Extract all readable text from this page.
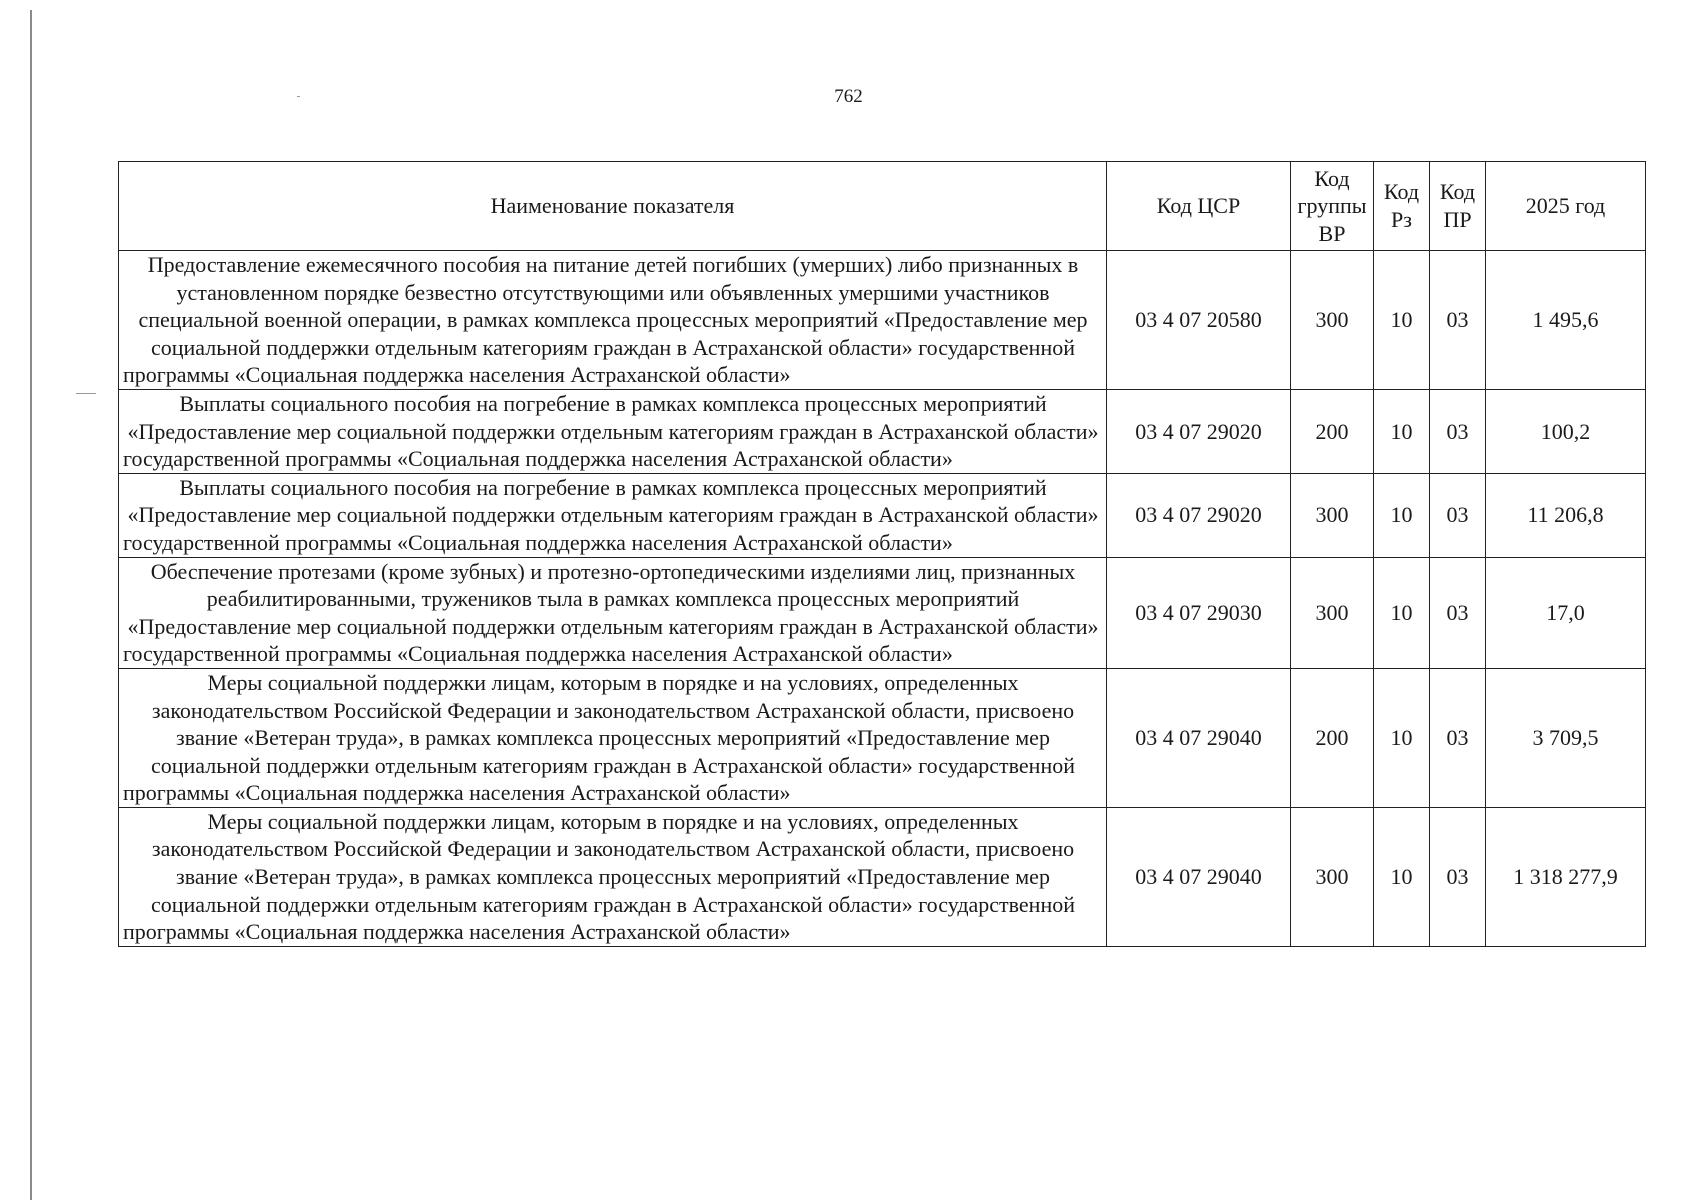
762
Наименование показателя	Код ЦСР	Код группы ВР	Код Рз	Код ПР	2025 год
Предоставление ежемесячного пособия на питание детей погибших (умерших) либо признанных в установленном порядке безвестно отсутствующими или объявленных умершими участников специальной военной операции, в рамках комплекса процессных мероприятий «Предоставление мер социальной поддержки отдельным категориям граждан в Астраханской области» государственной программы «Социальная поддержка населения Астраханской области»	03 4 07 20580	300	10	03	1 495,6
Выплаты социального пособия на погребение в рамках комплекса процессных мероприятий «Предоставление мер социальной поддержки отдельным категориям граждан в Астраханской области» государственной программы «Социальная поддержка населения Астраханской области»	03 4 07 29020	200	10	03	100,2
Выплаты социального пособия на погребение в рамках комплекса процессных мероприятий «Предоставление мер социальной поддержки отдельным категориям граждан в Астраханской области» государственной программы «Социальная поддержка населения Астраханской области»	03 4 07 29020	300	10	03	11 206,8
Обеспечение протезами (кроме зубных) и протезно-ортопедическими изделиями лиц, признанных реабилитированными, тружеников тыла в рамках комплекса процессных мероприятий «Предоставление мер социальной поддержки отдельным категориям граждан в Астраханской области» государственной программы «Социальная поддержка населения Астраханской области»	03 4 07 29030	300	10	03	17,0
Меры социальной поддержки лицам, которым в порядке и на условиях, определенных законодательством Российской Федерации и законодательством Астраханской области, присвоено звание «Ветеран труда», в рамках комплекса процессных мероприятий «Предоставление мер социальной поддержки отдельным категориям граждан в Астраханской области» государственной программы «Социальная поддержка населения Астраханской области»	03 4 07 29040	200	10	03	3 709,5
Меры социальной поддержки лицам, которым в порядке и на условиях, определенных законодательством Российской Федерации и законодательством Астраханской области, присвоено звание «Ветеран труда», в рамках комплекса процессных мероприятий «Предоставление мер социальной поддержки отдельным категориям граждан в Астраханской области» государственной программы «Социальная поддержка населения Астраханской области»	03 4 07 29040	300	10	03	1 318 277,9
